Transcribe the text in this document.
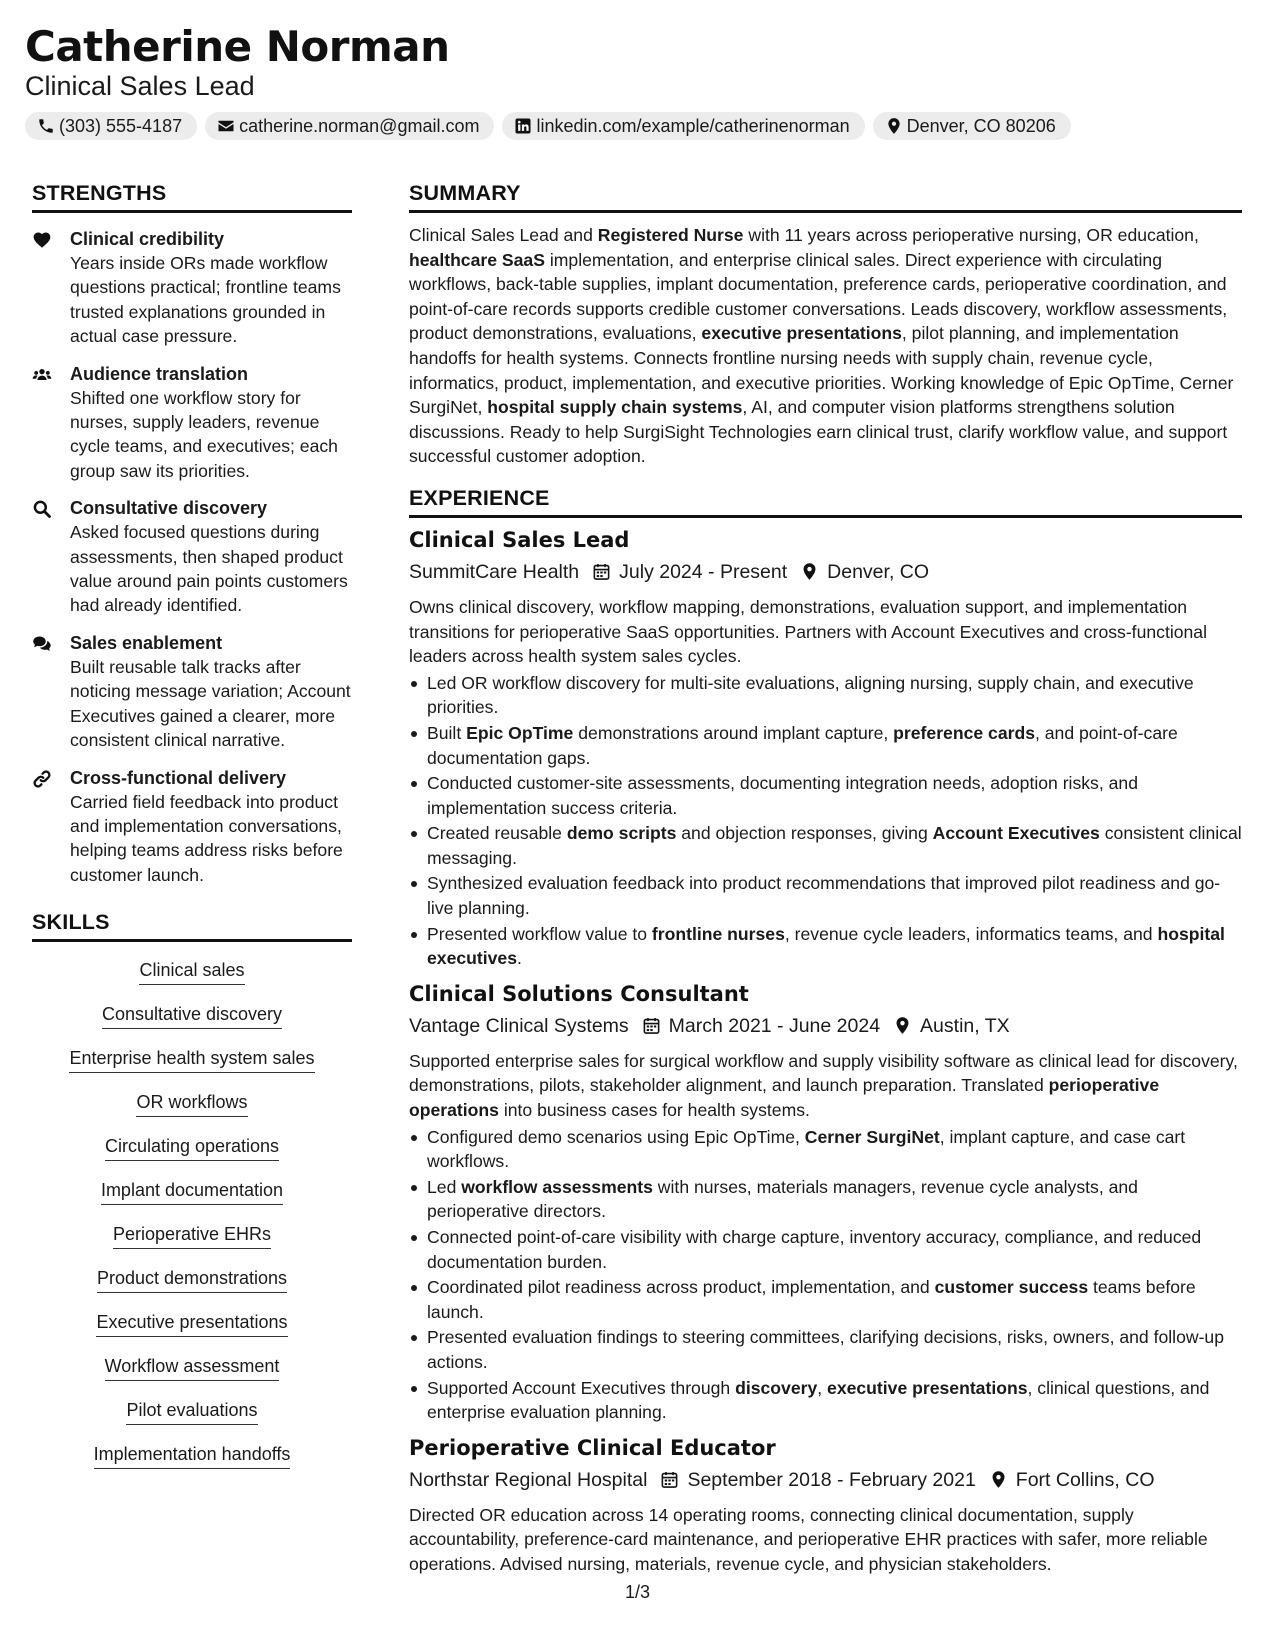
Catherine Norman
Clinical Sales Lead
(303) 555-4187	catherine.norman@gmail.com	linkedin.com/example/catherinenorman	Denver, CO 80206
STRENGTHS
Clinical credibility
Years inside ORs made workflow questions practical; frontline teams trusted explanations grounded in actual case pressure.
Audience translation
Shifted one workflow story for nurses, supply leaders, revenue cycle teams, and executives; each group saw its priorities.
Consultative discovery
Asked focused questions during assessments, then shaped product value around pain points customers had already identified.
Sales enablement
Built reusable talk tracks after noticing message variation; Account Executives gained a clearer, more consistent clinical narrative.
Cross-functional delivery
Carried field feedback into product and implementation conversations, helping teams address risks before customer launch.
SKILLS
Clinical sales
Consultative discovery
Enterprise health system sales
OR workflows
Circulating operations
Implant documentation
Perioperative EHRs
Product demonstrations
Executive presentations
Workflow assessment
Pilot evaluations
Implementation handoffs
SUMMARY
Clinical Sales Lead and Registered Nurse with 11 years across perioperative nursing, OR education, healthcare SaaS implementation, and enterprise clinical sales. Direct experience with circulating workflows, back-table supplies, implant documentation, preference cards, perioperative coordination, and point-of-care records supports credible customer conversations. Leads discovery, workflow assessments, product demonstrations, evaluations, executive presentations, pilot planning, and implementation handoffs for health systems. Connects frontline nursing needs with supply chain, revenue cycle, informatics, product, implementation, and executive priorities. Working knowledge of Epic OpTime, Cerner SurgiNet, hospital supply chain systems, AI, and computer vision platforms strengthens solution discussions. Ready to help SurgiSight Technologies earn clinical trust, clarify workflow value, and support successful customer adoption.
EXPERIENCE
Clinical Sales Lead
SummitCare Health July 2024 - Present Denver, CO
Owns clinical discovery, workflow mapping, demonstrations, evaluation support, and implementation transitions for perioperative SaaS opportunities. Partners with Account Executives and cross-functional leaders across health system sales cycles.
Led OR workflow discovery for multi-site evaluations, aligning nursing, supply chain, and executive priorities.
Built Epic OpTime demonstrations around implant capture, preference cards, and point-of-care documentation gaps.
Conducted customer-site assessments, documenting integration needs, adoption risks, and implementation success criteria.
Created reusable demo scripts and objection responses, giving Account Executives consistent clinical messaging.
Synthesized evaluation feedback into product recommendations that improved pilot readiness and go-live planning.
Presented workflow value to frontline nurses, revenue cycle leaders, informatics teams, and hospital executives.
Clinical Solutions Consultant
Vantage Clinical Systems March 2021 - June 2024 Austin, TX
Supported enterprise sales for surgical workflow and supply visibility software as clinical lead for discovery, demonstrations, pilots, stakeholder alignment, and launch preparation. Translated perioperative operations into business cases for health systems.
Configured demo scenarios using Epic OpTime, Cerner SurgiNet, implant capture, and case cart workflows.
Led workflow assessments with nurses, materials managers, revenue cycle analysts, and perioperative directors.
Connected point-of-care visibility with charge capture, inventory accuracy, compliance, and reduced documentation burden.
Coordinated pilot readiness across product, implementation, and customer success teams before launch.
Presented evaluation findings to steering committees, clarifying decisions, risks, owners, and follow-up actions.
Supported Account Executives through discovery, executive presentations, clinical questions, and enterprise evaluation planning.
Perioperative Clinical Educator
Northstar Regional Hospital September 2018 - February 2021 Fort Collins, CO
Directed OR education across 14 operating rooms, connecting clinical documentation, supply accountability, preference-card maintenance, and perioperative EHR practices with safer, more reliable operations. Advised nursing, materials, revenue cycle, and physician stakeholders.
1/3
